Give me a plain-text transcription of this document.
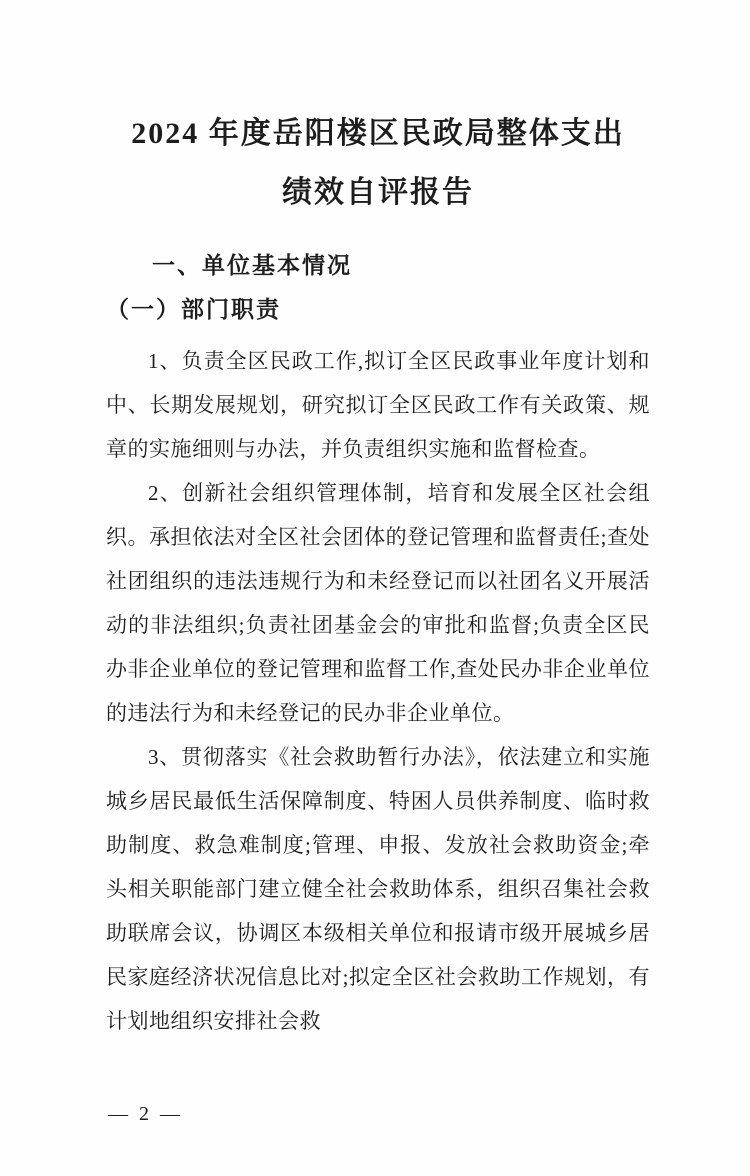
2024 年度岳阳楼区民政局整体支出
绩效自评报告
一、单位基本情况
（一）部门职责

1、负责全区民政工作,拟订全区民政事业年度计划和中、长期发展规划，研究拟订全区民政工作有关政策、规章的实施细则与办法，并负责组织实施和监督检查。

2、创新社会组织管理体制，培育和发展全区社会组织。承担依法对全区社会团体的登记管理和监督责任;查处社团组织的违法违规行为和未经登记而以社团名义开展活动的非法组织;负责社团基金会的审批和监督;负责全区民办非企业单位的登记管理和监督工作,查处民办非企业单位的违法行为和未经登记的民办非企业单位。

3、贯彻落实《社会救助暂行办法》，依法建立和实施城乡居民最低生活保障制度、特困人员供养制度、临时救助制度、救急难制度;管理、申报、发放社会救助资金;牵头相关职能部门建立健全社会救助体系，组织召集社会救助联席会议，协调区本级相关单位和报请市级开展城乡居民家庭经济状况信息比对;拟定全区社会救助工作规划，有计划地组织安排社会救

— 2 —
